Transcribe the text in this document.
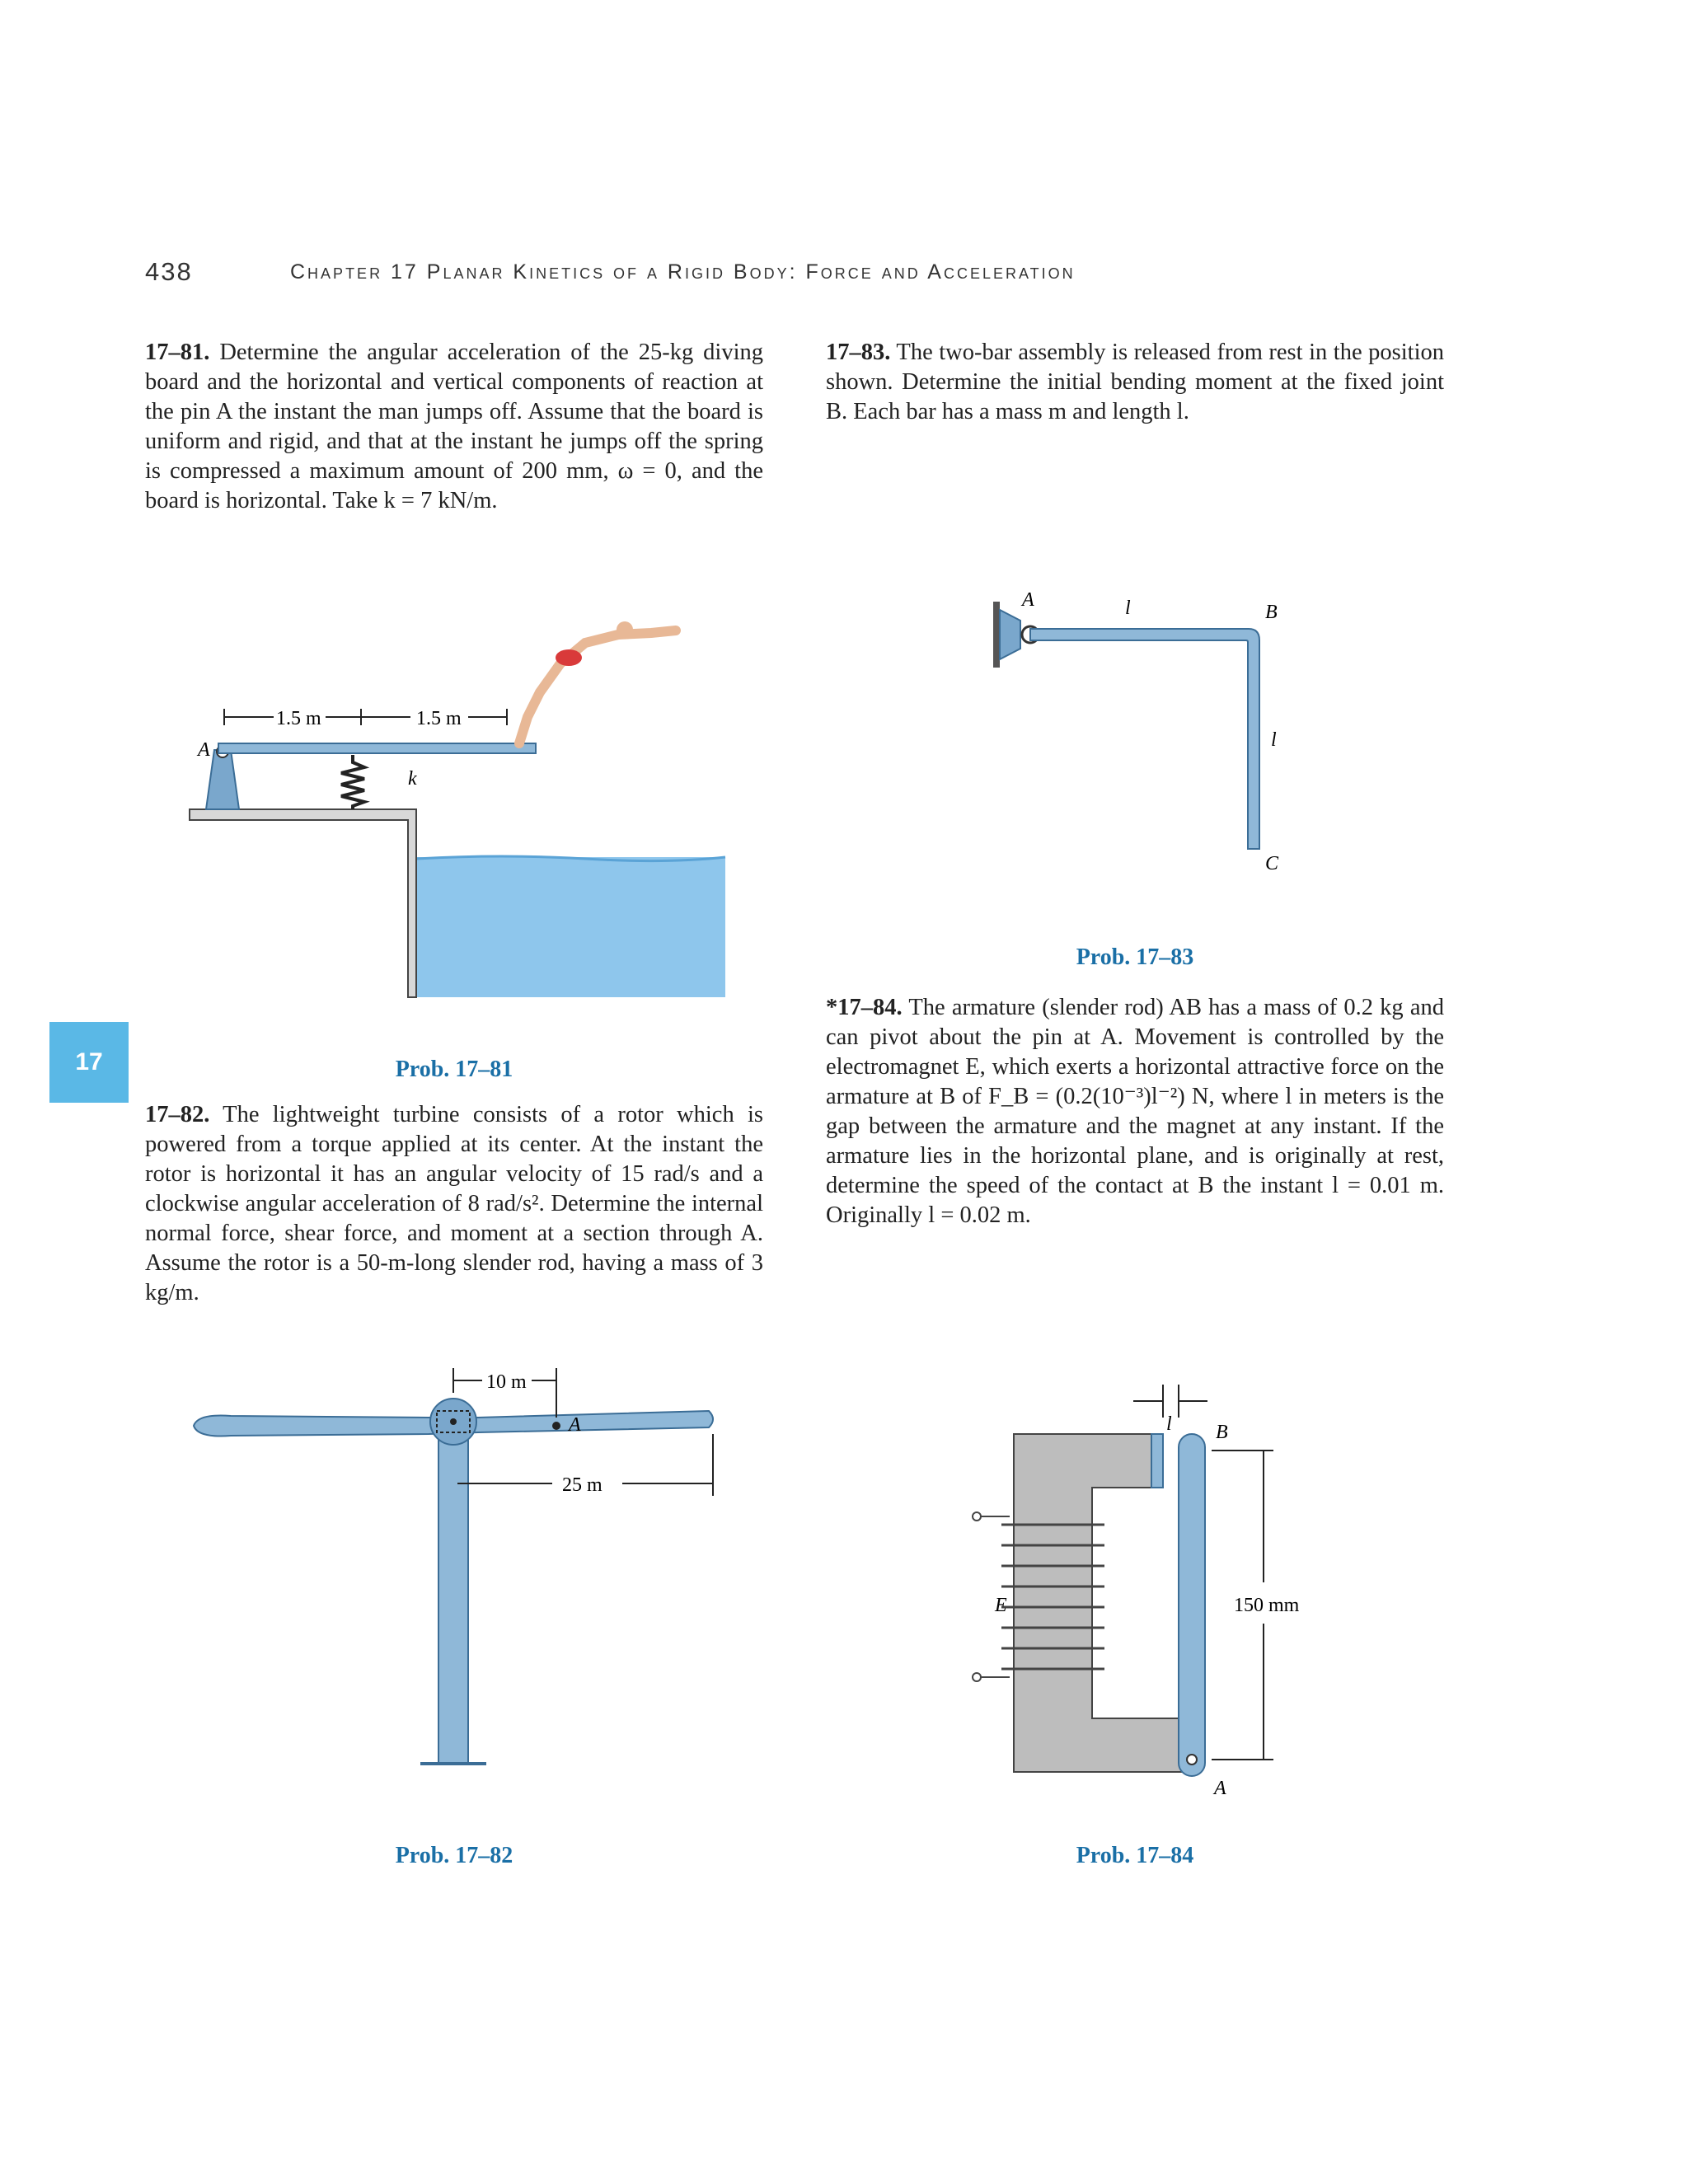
438	Chapter 17 Planar Kinetics of a Rigid Body: Force and Acceleration
17
17–81. Determine the angular acceleration of the 25-kg diving board and the horizontal and vertical components of reaction at the pin A the instant the man jumps off. Assume that the board is uniform and rigid, and that at the instant he jumps off the spring is compressed a maximum amount of 200 mm, ω = 0, and the board is horizontal. Take k = 7 kN/m.
1.5 m	1.5 m
A
k
Prob. 17–81
17–82. The lightweight turbine consists of a rotor which is powered from a torque applied at its center. At the instant the rotor is horizontal it has an angular velocity of 15 rad/s and a clockwise angular acceleration of 8 rad/s². Determine the internal normal force, shear force, and moment at a section through A. Assume the rotor is a 50-m-long slender rod, having a mass of 3 kg/m.
A
10 m
25 m
Prob. 17–82
17–83. The two-bar assembly is released from rest in the position shown. Determine the initial bending moment at the fixed joint B. Each bar has a mass m and length l.
A	l	B
l
C
Prob. 17–83
*17–84. The armature (slender rod) AB has a mass of 0.2 kg and can pivot about the pin at A. Movement is controlled by the electromagnet E, which exerts a horizontal attractive force on the armature at B of F_B = (0.2(10⁻³)l⁻²) N, where l in meters is the gap between the armature and the magnet at any instant. If the armature lies in the horizontal plane, and is originally at rest, determine the speed of the contact at B the instant l = 0.01 m. Originally l = 0.02 m.
l
150 mm
B
E
A
Prob. 17–84
